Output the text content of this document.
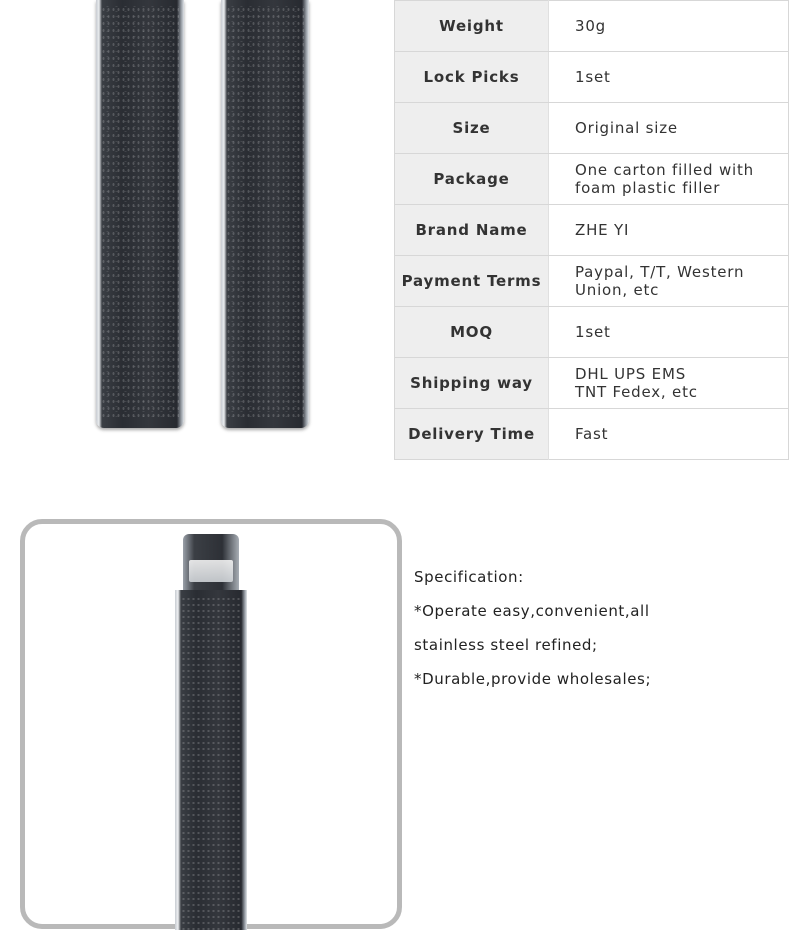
Weight	30g
Lock Picks	1set
Size	Original size
Package	One carton filled with foam plastic filler
Brand Name	ZHE YI
Payment Terms	Paypal, T/T, Western Union, etc
MOQ	1set
Shipping way	DHL UPS EMS TNT Fedex, etc
Delivery Time	Fast

Specification:

*Operate easy,convenient,all

stainless steel refined;

*Durable,provide wholesales;
